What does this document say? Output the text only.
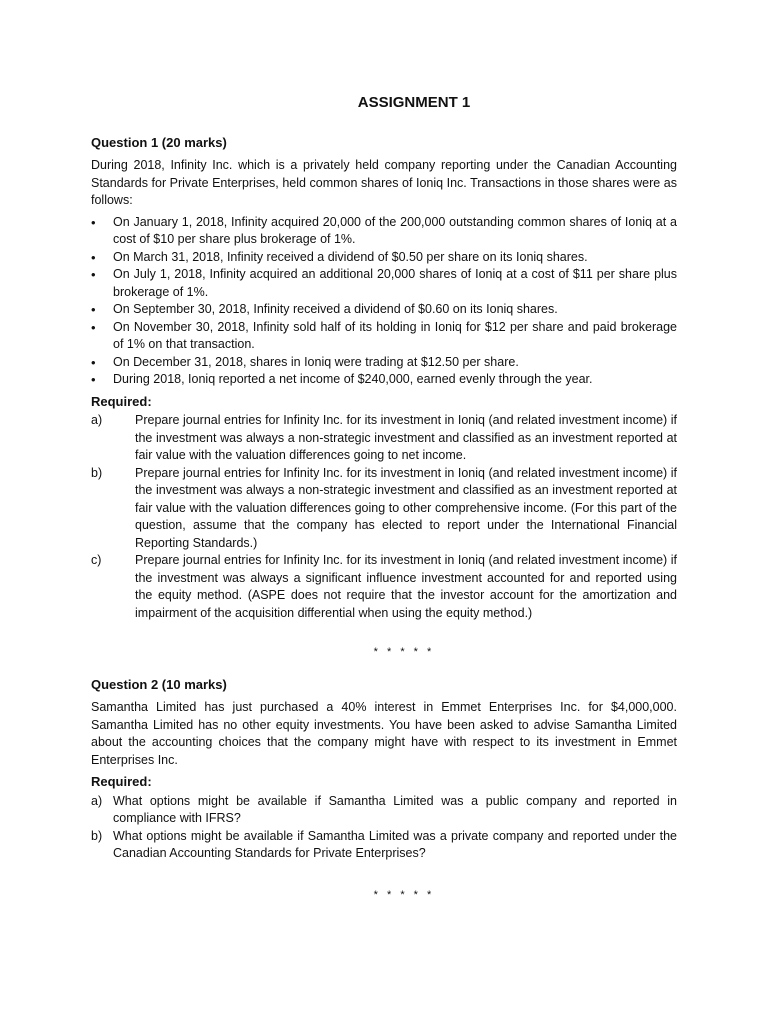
ASSIGNMENT 1
Question 1 (20 marks)
During 2018, Infinity Inc. which is a privately held company reporting under the Canadian Accounting Standards for Private Enterprises, held common shares of Ioniq Inc. Transactions in those shares were as follows:
• On January 1, 2018, Infinity acquired 20,000 of the 200,000 outstanding common shares of Ioniq at a cost of $10 per share plus brokerage of 1%.
• On March 31, 2018, Infinity received a dividend of $0.50 per share on its Ioniq shares.
• On July 1, 2018, Infinity acquired an additional 20,000 shares of Ioniq at a cost of $11 per share plus brokerage of 1%.
• On September 30, 2018, Infinity received a dividend of $0.60 on its Ioniq shares.
• On November 30, 2018, Infinity sold half of its holding in Ioniq for $12 per share and paid brokerage of 1% on that transaction.
• On December 31, 2018, shares in Ioniq were trading at $12.50 per share.
• During 2018, Ioniq reported a net income of $240,000, earned evenly through the year.
Required:
a)	Prepare journal entries for Infinity Inc. for its investment in Ioniq (and related investment income) if the investment was always a non-strategic investment and classified as an investment reported at fair value with the valuation differences going to net income.
b)	Prepare journal entries for Infinity Inc. for its investment in Ioniq (and related investment income) if the investment was always a non-strategic investment and classified as an investment reported at fair value with the valuation differences going to other comprehensive income. (For this part of the question, assume that the company has elected to report under the International Financial Reporting Standards.)
c)	Prepare journal entries for Infinity Inc. for its investment in Ioniq (and related investment income) if the investment was always a significant influence investment accounted for and reported using the equity method. (ASPE does not require that the investor account for the amortization and impairment of the acquisition differential when using the equity method.)
* * * * *
Question 2 (10 marks)
Samantha Limited has just purchased a 40% interest in Emmet Enterprises Inc. for $4,000,000. Samantha Limited has no other equity investments. You have been asked to advise Samantha Limited about the accounting choices that the company might have with respect to its investment in Emmet Enterprises Inc.
Required:
a) What options might be available if Samantha Limited was a public company and reported in compliance with IFRS?
b) What options might be available if Samantha Limited was a private company and reported under the Canadian Accounting Standards for Private Enterprises?
* * * * *
